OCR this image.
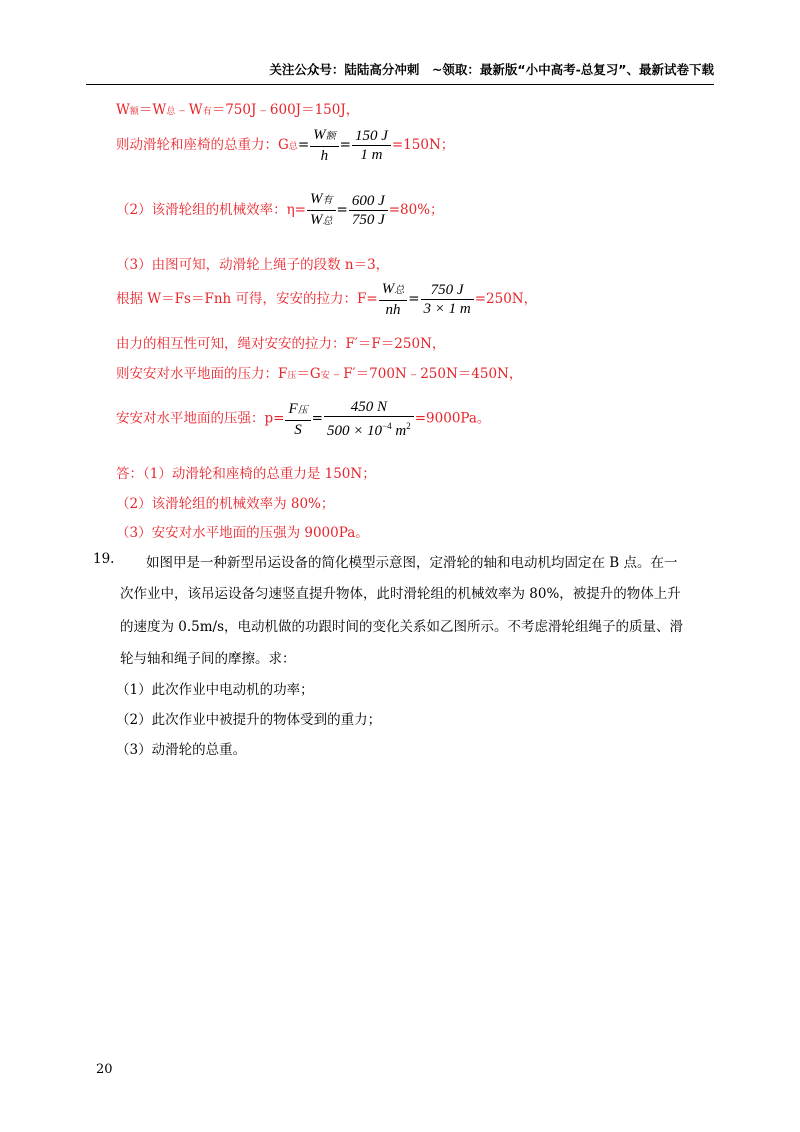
关注公众号：陆陆高分冲刺　~领取：最新版“小中高考-总复习”、最新试卷下载
W额＝W总﹣W有＝750J﹣600J＝150J，
则动滑轮和座椅的总重力：G总= $\frac{\text{W额}}{h} = \frac{150 J}{1 m} =150N$；
（2）该滑轮组的机械效率：$\eta= \frac{\text{W有}}{\text{W总}} = \frac{600 J}{750 J} =80\%$；
（3）由图可知，动滑轮上绳子的段数 n＝3，
根据 W＝Fs＝Fnh 可得，安安的拉力：$F= \frac{\text{W总}}{nh} = \frac{750 J}{3 \times 1 m} =250N$，
由力的相互性可知，绳对安安的拉力：F′＝F＝250N，
则安安对水平地面的压力：F压＝G安﹣F′＝700N﹣250N＝450N，
安安对水平地面的压强：$p= \frac{\text{F压}}{S} = \frac{450 N}{500 \times 10^{-4} m^2} =9000Pa$。
答：（1）动滑轮和座椅的总重力是 150N；
（2）该滑轮组的机械效率为 80%；
（3）安安对水平地面的压强为 9000Pa。
19. 如图甲是一种新型吊运设备的简化模型示意图，定滑轮的轴和电动机均固定在 B 点。在一
次作业中，该吊运设备匀速竖直提升物体，此时滑轮组的机械效率为 80%，被提升的物体上升
的速度为 0.5m/s，电动机做的功跟时间的变化关系如乙图所示。不考虑滑轮组绳子的质量、滑
轮与轴和绳子间的摩擦。求：
（1）此次作业中电动机的功率；
（2）此次作业中被提升的物体受到的重力；
（3）动滑轮的总重。
20
